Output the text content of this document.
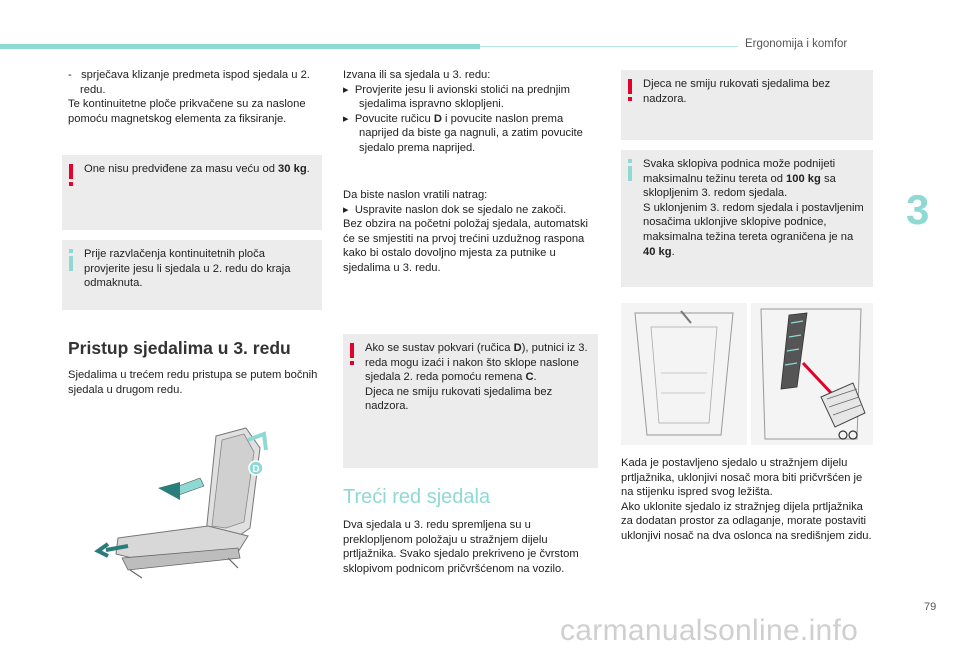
Ergonomija i komfor
3

-   sprječava klizanje predmeta ispod sjedala u 2. redu.

Te kontinuitetne ploče prikvačene su za naslone pomoću magnetskog elementa za fiksiranje.

One nisu predviđene za masu veću od 30 kg.

Prije razvlačenja kontinuitetnih ploča provjerite jesu li sjedala u 2. redu do kraja odmaknuta.

Pristup sjedalima u 3. redu
Sjedalima u trećem redu pristupa se putem bočnih sjedala u drugom redu.
D

Izvana ili sa sjedala u 3. redu:

▸  Provjerite jesu li avionski stolići na prednjim sjedalima ispravno sklopljeni.

▸  Povucite ručicu D i povucite naslon prema naprijed da biste ga nagnuli, a zatim povucite sjedalo prema naprijed.

Da biste naslon vratili natrag:

▸  Uspravite naslon dok se sjedalo ne zakoči.

Bez obzira na početni položaj sjedala, automatski će se smjestiti na prvoj trećini uzdužnog raspona kako bi ostalo dovoljno mjesta za putnike u sjedalima u 3. redu.

Ako se sustav pokvari (ručica D), putnici iz 3. reda mogu izaći i nakon što sklope naslone sjedala 2. reda pomoću remena C.

Djeca ne smiju rukovati sjedalima bez nadzora.

Treći red sjedala
Dva sjedala u 3. redu spremljena su u preklopljenom položaju u stražnjem dijelu prtljažnika. Svako sjedalo prekriveno je čvrstom sklopivom podnicom pričvršćenom na vozilo.

Djeca ne smiju rukovati sjedalima bez nadzora.

Svaka sklopiva podnica može podnijeti maksimalnu težinu tereta od 100 kg sa sklopljenim 3. redom sjedala.

S uklonjenim 3. redom sjedala i postavljenim nosačima uklonjive sklopive podnice, maksimalna težina tereta ograničena je na 40 kg.

Kada je postavljeno sjedalo u stražnjem dijelu prtljažnika, uklonjivi nosač mora biti pričvršćen je na stijenku ispred svog ležišta.

Ako uklonite sjedalo iz stražnjeg dijela prtljažnika za dodatan prostor za odlaganje, morate postaviti uklonjivi nosač na dva oslonca na središnjem zidu.

79
carmanualsonline.info
